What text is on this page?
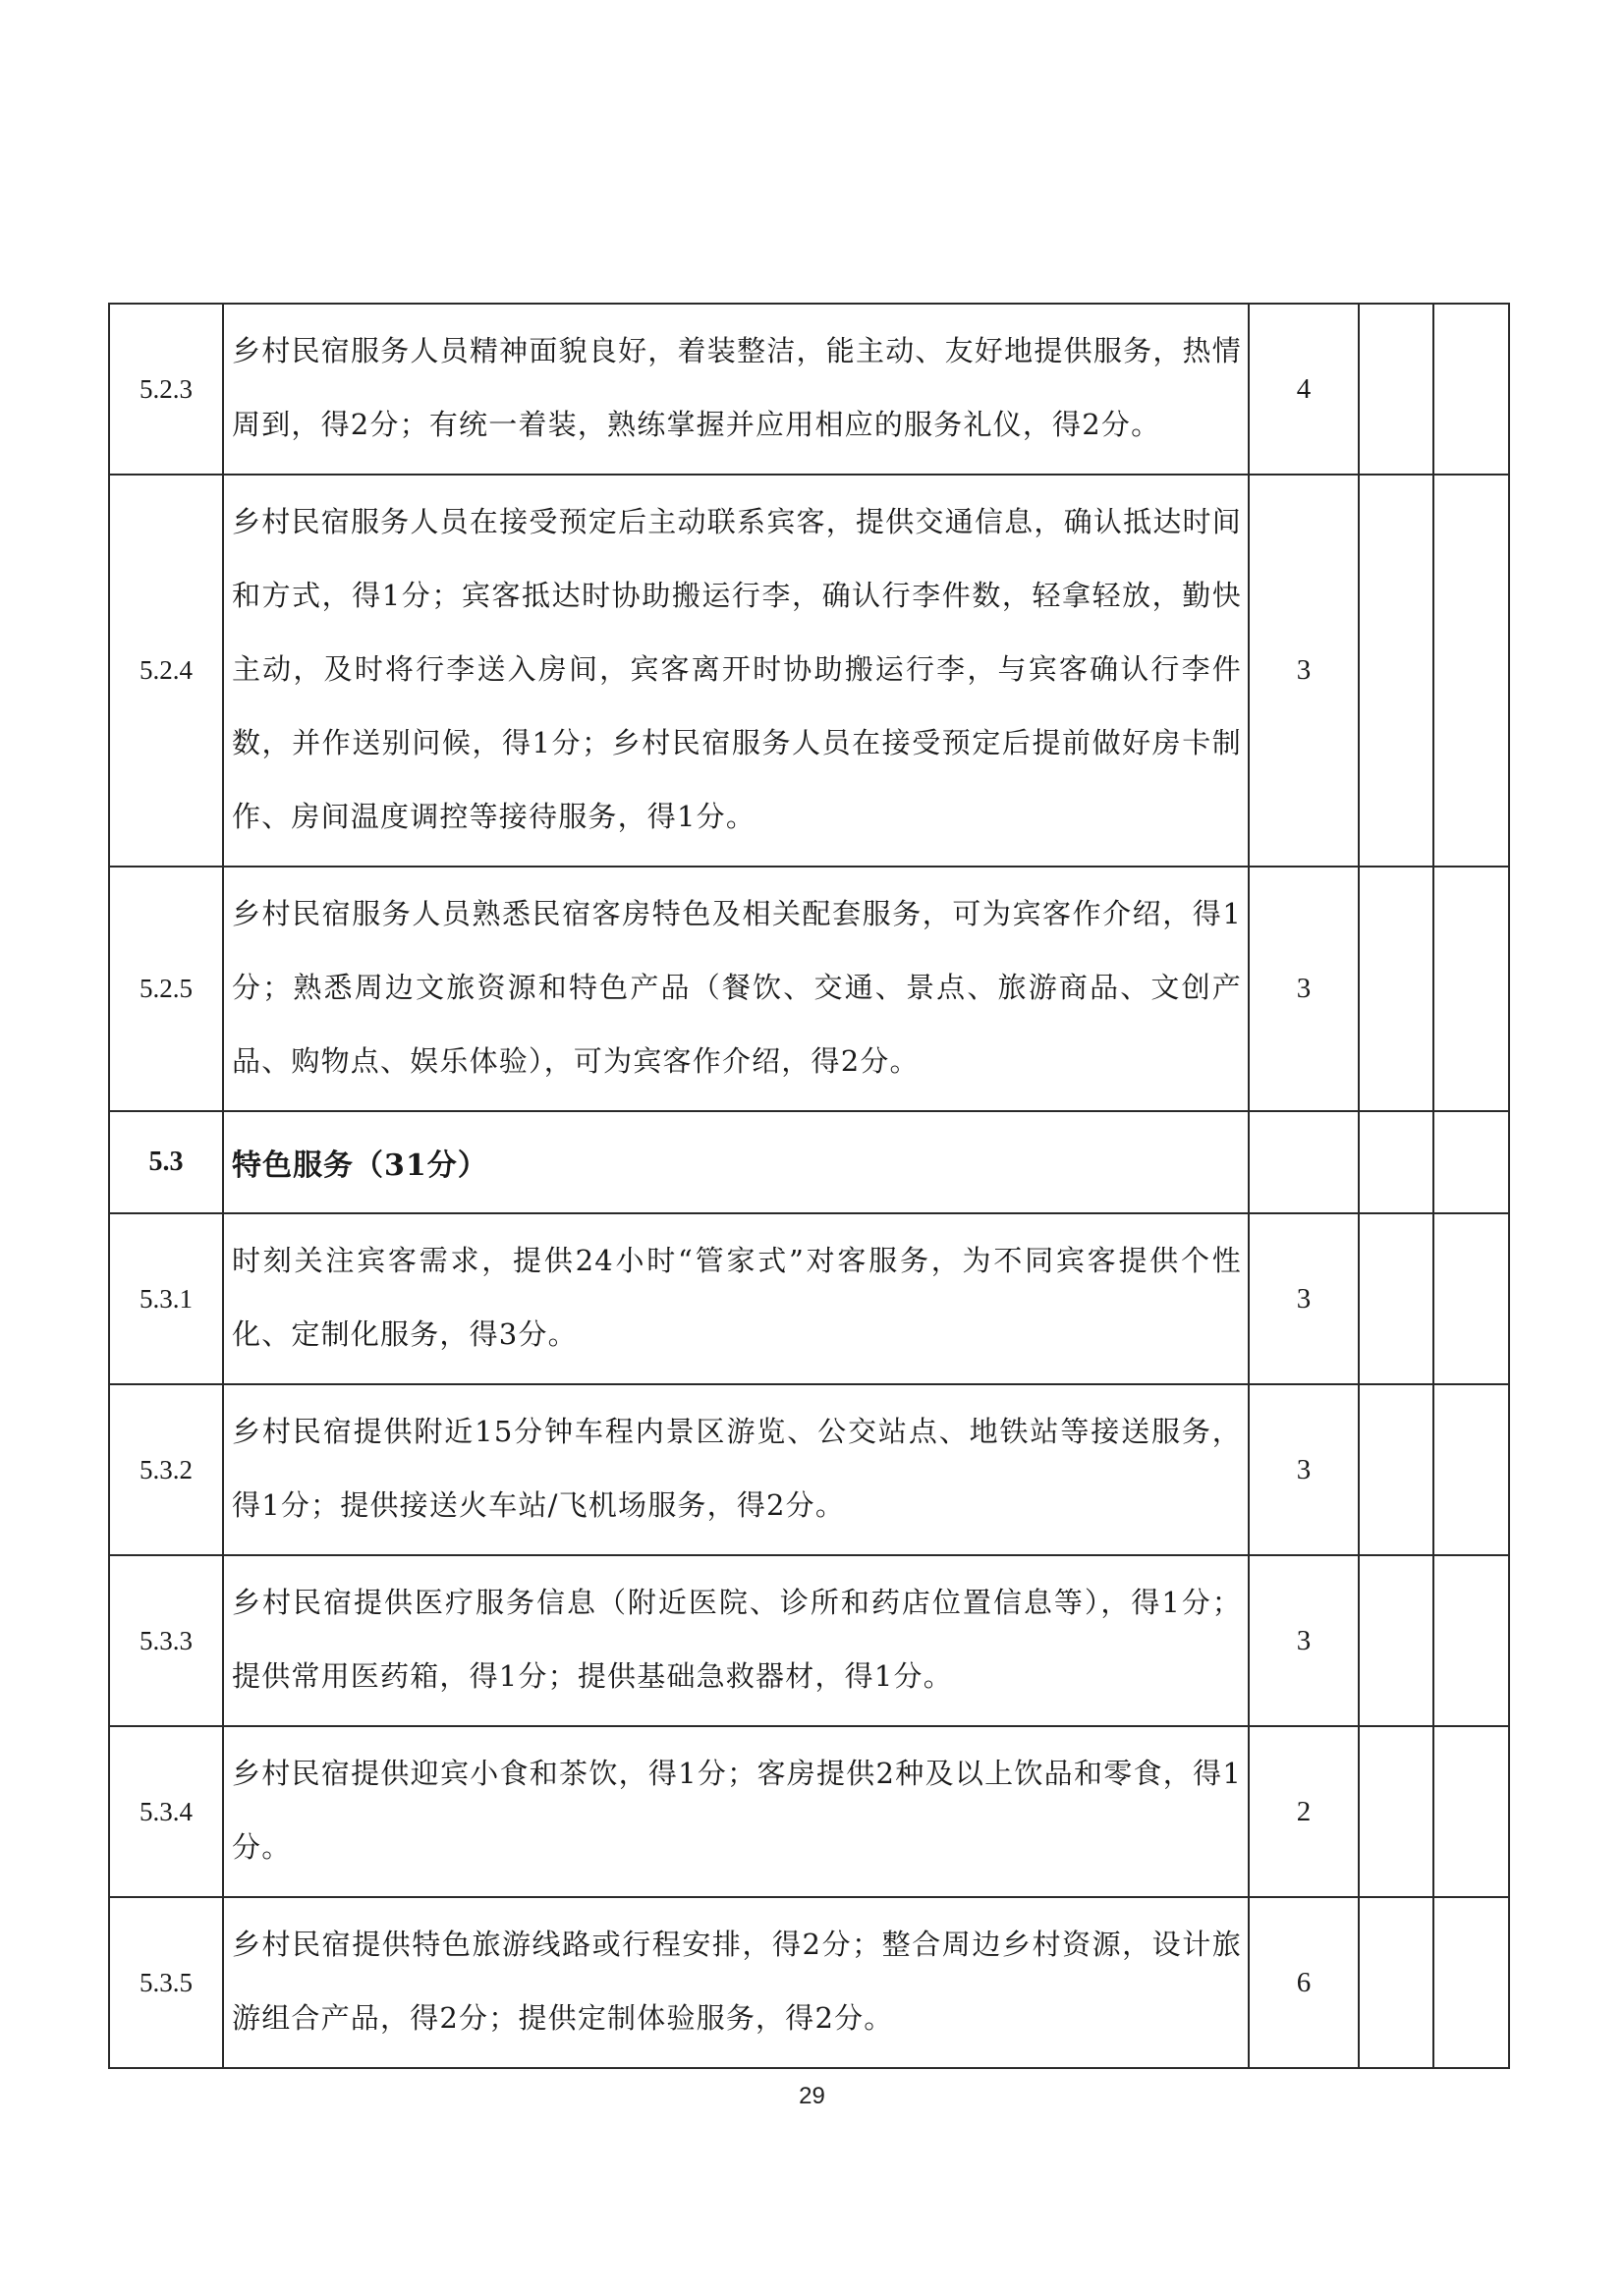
5.2.3	乡村民宿服务人员精神面貌良好，着装整洁，能主动、友好地提供服务，热情周到，得2分；有统一着装，熟练掌握并应用相应的服务礼仪，得2分。	4		
5.2.4	乡村民宿服务人员在接受预定后主动联系宾客，提供交通信息，确认抵达时间和方式，得1分；宾客抵达时协助搬运行李，确认行李件数，轻拿轻放，勤快主动，及时将行李送入房间，宾客离开时协助搬运行李，与宾客确认行李件数，并作送别问候，得1分；乡村民宿服务人员在接受预定后提前做好房卡制作、房间温度调控等接待服务，得1分。	3		
5.2.5	乡村民宿服务人员熟悉民宿客房特色及相关配套服务，可为宾客作介绍，得1分；熟悉周边文旅资源和特色产品（餐饮、交通、景点、旅游商品、文创产品、购物点、娱乐体验），可为宾客作介绍，得2分。	3		
5.3	特色服务（31分）			
5.3.1	时刻关注宾客需求，提供24小时“管家式”对客服务，为不同宾客提供个性化、定制化服务，得3分。	3		
5.3.2	乡村民宿提供附近15分钟车程内景区游览、公交站点、地铁站等接送服务，得1分；提供接送火车站/飞机场服务，得2分。	3		
5.3.3	乡村民宿提供医疗服务信息（附近医院、诊所和药店位置信息等），得1分；提供常用医药箱，得1分；提供基础急救器材，得1分。	3		
5.3.4	乡村民宿提供迎宾小食和茶饮，得1分；客房提供2种及以上饮品和零食，得1分。	2		
5.3.5	乡村民宿提供特色旅游线路或行程安排，得2分；整合周边乡村资源，设计旅游组合产品，得2分；提供定制体验服务，得2分。	6		
29
